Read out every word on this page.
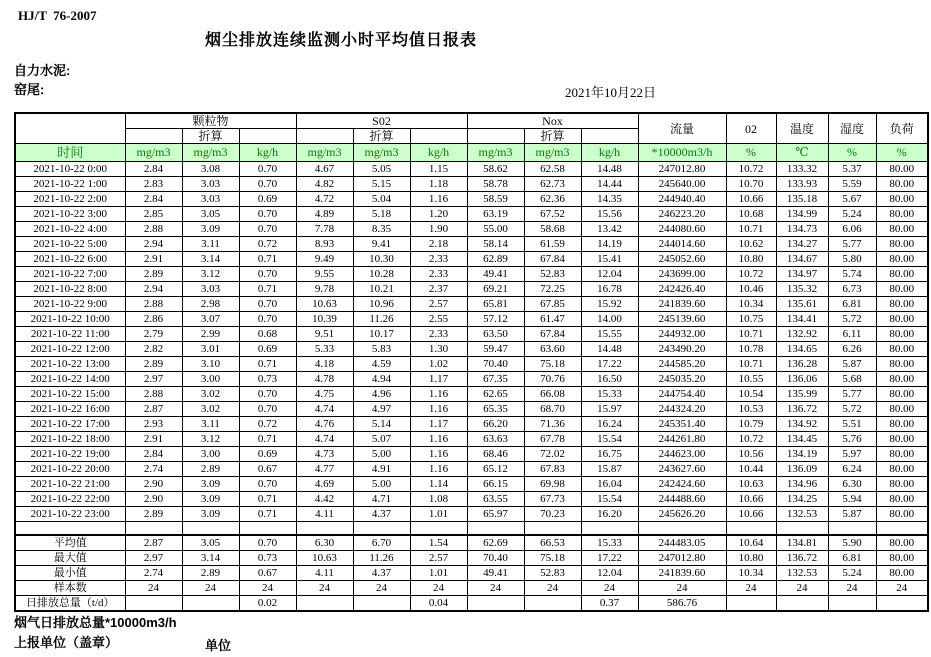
HJ/T  76-2007
烟尘排放连续监测小时平均值日报表
自力水泥:
窑尾:	2021年10月22日
	颗粒物			S02			Nox			流量	02	温度	湿度	负荷
		折算			折算			折算						
时间	mg/m3	mg/m3	kg/h	mg/m3	mg/m3	kg/h	mg/m3	mg/m3	kg/h	*10000m3/h	%	℃	%	%
2021-10-22 0:00	2.84	3.08	0.70	4.67	5.05	1.15	58.62	62.58	14.48	247012.80	10.72	133.32	5.37	80.00
2021-10-22 1:00	2.83	3.03	0.70	4.82	5.15	1.18	58.78	62.73	14.44	245640.00	10.70	133.93	5.59	80.00
2021-10-22 2:00	2.84	3.03	0.69	4.72	5.04	1.16	58.59	62.36	14.35	244940.40	10.66	135.18	5.67	80.00
2021-10-22 3:00	2.85	3.05	0.70	4.89	5.18	1.20	63.19	67.52	15.56	246223.20	10.68	134.99	5.24	80.00
2021-10-22 4:00	2.88	3.09	0.70	7.78	8.35	1.90	55.00	58.68	13.42	244080.60	10.71	134.73	6.06	80.00
2021-10-22 5:00	2.94	3.11	0.72	8.93	9.41	2.18	58.14	61.59	14.19	244014.60	10.62	134.27	5.77	80.00
2021-10-22 6:00	2.91	3.14	0.71	9.49	10.30	2.33	62.89	67.84	15.41	245052.60	10.80	134.67	5.80	80.00
2021-10-22 7:00	2.89	3.12	0.70	9.55	10.28	2.33	49.41	52.83	12.04	243699.00	10.72	134.97	5.74	80.00
2021-10-22 8:00	2.94	3.03	0.71	9.78	10.21	2.37	69.21	72.25	16.78	242426.40	10.46	135.32	6.73	80.00
2021-10-22 9:00	2.88	2.98	0.70	10.63	10.96	2.57	65.81	67.85	15.92	241839.60	10.34	135.61	6.81	80.00
2021-10-22 10:00	2.86	3.07	0.70	10.39	11.26	2.55	57.12	61.47	14.00	245139.60	10.75	134.41	5.72	80.00
2021-10-22 11:00	2.79	2.99	0.68	9.51	10.17	2.33	63.50	67.84	15.55	244932.00	10.71	132.92	6.11	80.00
2021-10-22 12:00	2.82	3.01	0.69	5.33	5.83	1.30	59.47	63.60	14.48	243490.20	10.78	134.65	6.26	80.00
2021-10-22 13:00	2.89	3.10	0.71	4.18	4.59	1.02	70.40	75.18	17.22	244585.20	10.71	136.28	5.87	80.00
2021-10-22 14:00	2.97	3.00	0.73	4.78	4.94	1.17	67.35	70.76	16.50	245035.20	10.55	136.06	5.68	80.00
2021-10-22 15:00	2.88	3.02	0.70	4.75	4.96	1.16	62.65	66.08	15.33	244754.40	10.54	135.99	5.77	80.00
2021-10-22 16:00	2.87	3.02	0.70	4.74	4.97	1.16	65.35	68.70	15.97	244324.20	10.53	136.72	5.72	80.00
2021-10-22 17:00	2.93	3.11	0.72	4.76	5.14	1.17	66.20	71.36	16.24	245351.40	10.79	134.92	5.51	80.00
2021-10-22 18:00	2.91	3.12	0.71	4.74	5.07	1.16	63.63	67.78	15.54	244261.80	10.72	134.45	5.76	80.00
2021-10-22 19:00	2.84	3.00	0.69	4.73	5.00	1.16	68.46	72.02	16.75	244623.00	10.56	134.19	5.97	80.00
2021-10-22 20:00	2.74	2.89	0.67	4.77	4.91	1.16	65.12	67.83	15.87	243627.60	10.44	136.09	6.24	80.00
2021-10-22 21:00	2.90	3.09	0.70	4.69	5.00	1.14	66.15	69.98	16.04	242424.60	10.63	134.96	6.30	80.00
2021-10-22 22:00	2.90	3.09	0.71	4.42	4.71	1.08	63.55	67.73	15.54	244488.60	10.66	134.25	5.94	80.00
2021-10-22 23:00	2.89	3.09	0.71	4.11	4.37	1.01	65.97	70.23	16.20	245626.20	10.66	132.53	5.87	80.00

平均值	2.87	3.05	0.70	6.30	6.70	1.54	62.69	66.53	15.33	244483.05	10.64	134.81	5.90	80.00
最大值	2.97	3.14	0.73	10.63	11.26	2.57	70.40	75.18	17.22	247012.80	10.80	136.72	6.81	80.00
最小值	2.74	2.89	0.67	4.11	4.37	1.01	49.41	52.83	12.04	241839.60	10.34	132.53	5.24	80.00
样本数	24	24	24	24	24	24	24	24	24	24	24	24	24	24
日排放总量（t/d）			0.02			0.04			0.37	586.76				
烟气日排放总量*10000m3/h
上报单位（盖章）	单位
